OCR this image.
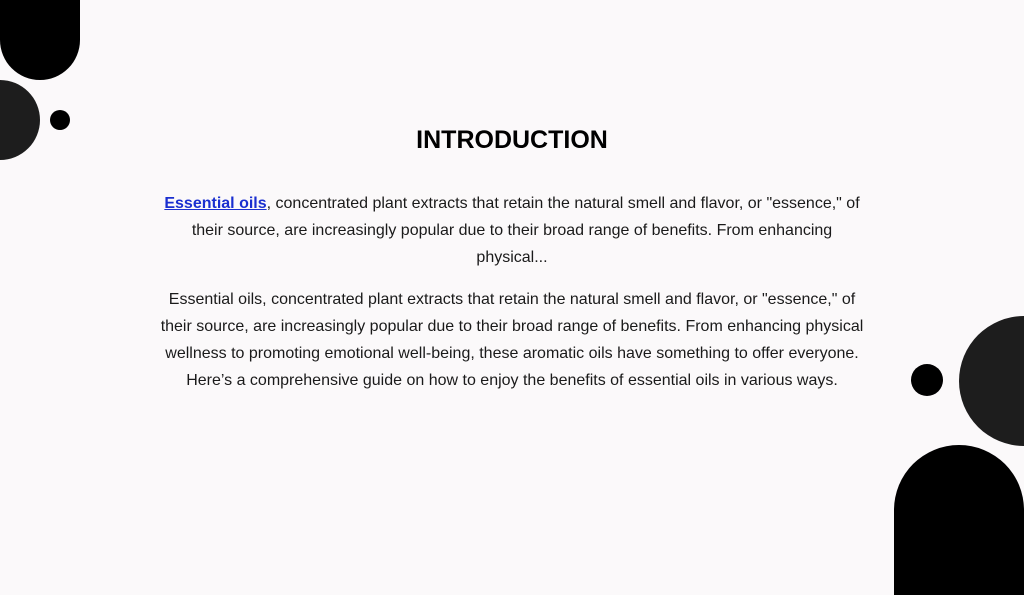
INTRODUCTION

Essential oils, concentrated plant extracts that retain the natural smell and flavor, or "essence," of their source, are increasingly popular due to their broad range of benefits. From enhancing physical...

Essential oils, concentrated plant extracts that retain the natural smell and flavor, or "essence," of their source, are increasingly popular due to their broad range of benefits. From enhancing physical wellness to promoting emotional well-being, these aromatic oils have something to offer everyone. Here’s a comprehensive guide on how to enjoy the benefits of essential oils in various ways.
